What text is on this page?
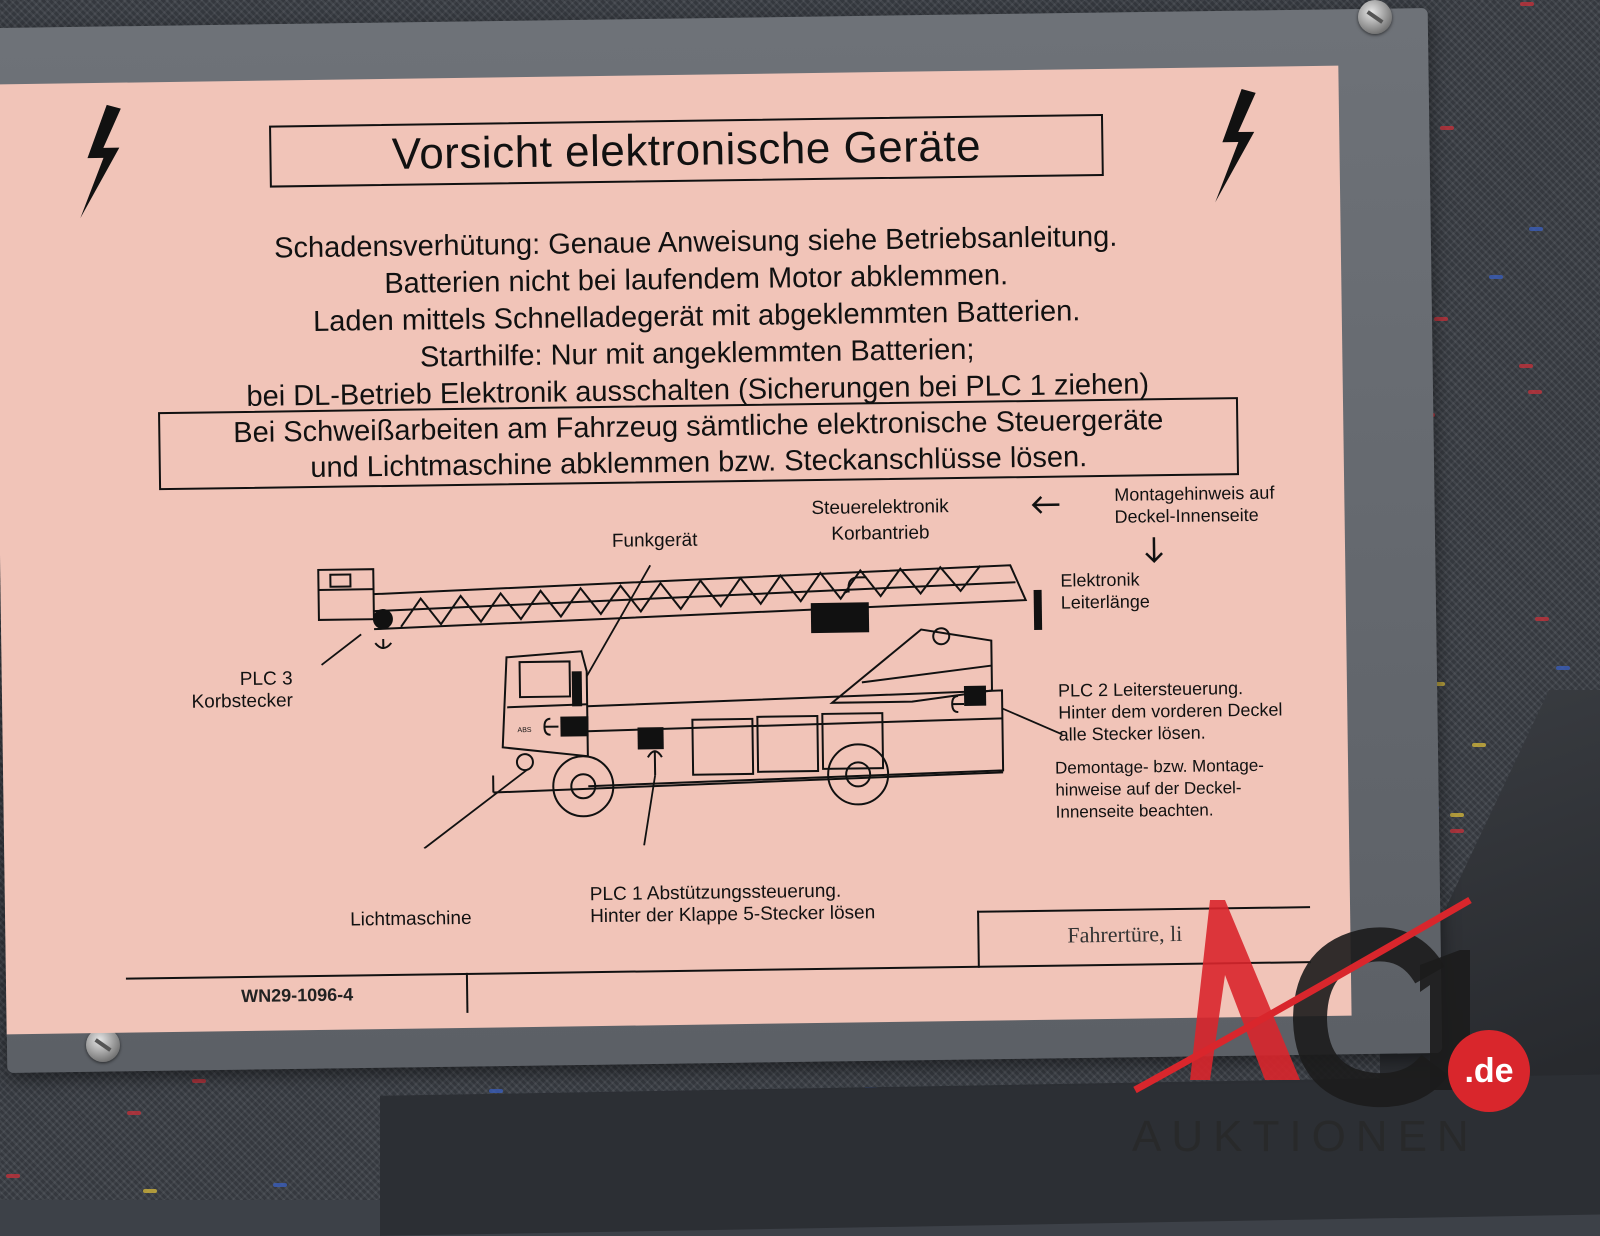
Vorsicht elektronische Geräte
Schadensverhütung: Genaue Anweisung siehe Betriebsanleitung.
Batterien nicht bei laufendem Motor abklemmen.
Laden mittels Schnelladegerät mit abgeklemmten Batterien.
Starthilfe: Nur mit angeklemmten Batterien;
bei DL-Betrieb Elektronik ausschalten (Sicherungen bei PLC 1 ziehen)
Bei Schweißarbeiten am Fahrzeug sämtliche elektronische Steuergeräte
und Lichtmaschine abklemmen bzw. Steckanschlüsse lösen.
Steuerelektronik
Korbantrieb
Montagehinweis auf
Deckel-Innenseite
Funkgerät
Elektronik
Leiterlänge
PLC 3
Korbstecker
PLC 2 Leitersteuerung.
Hinter dem vorderen Deckel
alle Stecker lösen.
Demontage- bzw. Montage-
hinweise auf der Deckel-
Innenseite beachten.
Lichtmaschine
PLC 1 Abstützungssteuerung.
Hinter der Klappe 5-Stecker lösen
ABS
Fahrertüre, li
WN29-1096-4
.de
AUKTIONEN
